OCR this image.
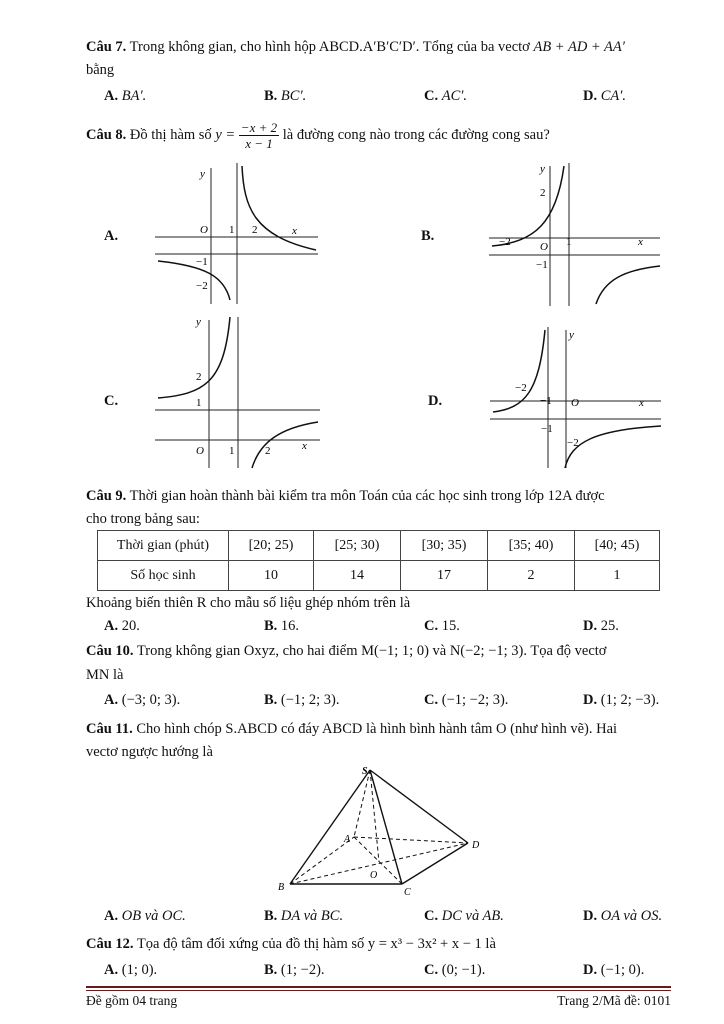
Câu 7. Trong không gian, cho hình hộp ABCD.A′B′C′D′. Tổng của ba vectơ AB + AD + AA′
bằng
A. BA′.	B. BC′.	C. AC′.	D. CA′.
Câu 8. Đồ thị hàm số $y = \frac{-x + 2}{x - 1}$ là đường cong nào trong các đường cong sau?
A.	B.
C.	D.
y
O 1 2	x
−1
−2
y
2
O 1
−2	x
−1
y
2
1
O 1	2	x
y
−2
−1 O	x
−1
−2
Câu 9. Thời gian hoàn thành bài kiểm tra môn Toán của các học sinh trong lớp 12A được
cho trong bảng sau:
Thời gian (phút)	[20; 25)	[25; 30)	[30; 35)	[35; 40)	[40; 45)
Số học sinh	10	14	17	2	1
Khoảng biến thiên R cho mẫu số liệu ghép nhóm trên là
A. 20.	B. 16.	C. 15.	D. 25.
Câu 10. Trong không gian Oxyz, cho hai điểm M(−1; 1; 0) và N(−2; −1; 3). Tọa độ vectơ
MN là
A. (−3; 0; 3).	B. (−1; 2; 3).	C. (−1; −2; 3).	D. (1; 2; −3).
Câu 11. Cho hình chóp S.ABCD có đáy ABCD là hình bình hành tâm O (như hình vẽ). Hai
vectơ ngược hướng là
S
A
D
C
B
O
A. OB và OC.	B. DA và BC.	C. DC và AB.	D. OA và OS.
Câu 12. Tọa độ tâm đối xứng của đồ thị hàm số y = x³ − 3x² + x − 1 là
A. (1; 0).	B. (1; −2).	C. (0; −1).	D. (−1; 0).
Đề gồm 04 trang	Trang 2/Mã đề: 0101
